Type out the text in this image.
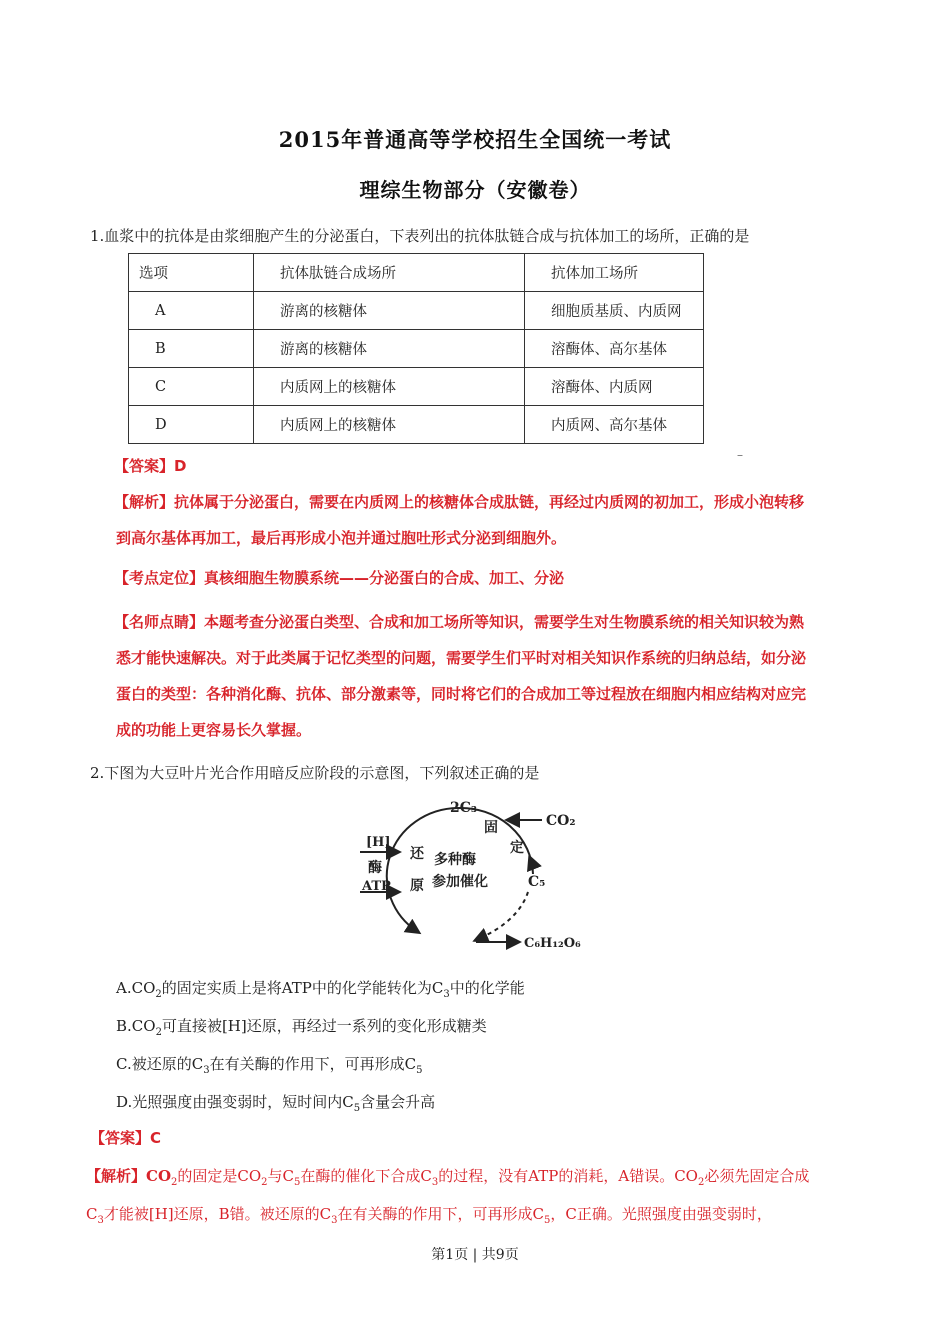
2015年普通高等学校招生全国统一考试
理综生物部分（安徽卷）
1.血浆中的抗体是由浆细胞产生的分泌蛋白，下表列出的抗体肽链合成与抗体加工的场所，正确的是
选项	抗体肽链合成场所	抗体加工场所
A	游离的核糖体	细胞质基质、内质网
B	游离的核糖体	溶酶体、高尔基体
C	内质网上的核糖体	溶酶体、内质网
D	内质网上的核糖体	内质网、高尔基体
–
【答案】D
【解析】抗体属于分泌蛋白，需要在内质网上的核糖体合成肽链，再经过内质网的初加工，形成小泡转移
到高尔基体再加工，最后再形成小泡并通过胞吐形式分泌到细胞外。
【考点定位】真核细胞生物膜系统——分泌蛋白的合成、加工、分泌
【名师点睛】本题考查分泌蛋白类型、合成和加工场所等知识，需要学生对生物膜系统的相关知识较为熟
悉才能快速解决。对于此类属于记忆类型的问题，需要学生们平时对相关知识作系统的归纳总结，如分泌
蛋白的类型：各种消化酶、抗体、部分激素等，同时将它们的合成加工等过程放在细胞内相应结构对应完
成的功能上更容易长久掌握。
2.下图为大豆叶片光合作用暗反应阶段的示意图，下列叙述正确的是
2C₃
CO₂
[H]
酶
ATP
固
定
还
原
多种酶
参加催化	C₅
C₆H₁₂O₆
$A.CO_2$的固定实质上是将ATP中的化学能转化为$C_3$中的化学能
$B.CO_2$可直接被[H]还原，再经过一系列的变化形成糖类
C.被还原的$C_3$在有关酶的作用下，可再形成$C_5$
D.光照强度由强变弱时，短时间内$C_5$含量会升高
【答案】C
【解析】$CO_2$的固定是$CO_2$与$C_5$在酶的催化下合成$C_3$的过程，没有ATP的消耗，A错误。$CO_2$必须先固定合成
$C_3$才能被[H]还原，B错。被还原的$C_3$在有关酶的作用下，可再形成$C_5$，C正确。光照强度由强变弱时，
第1页 | 共9页
